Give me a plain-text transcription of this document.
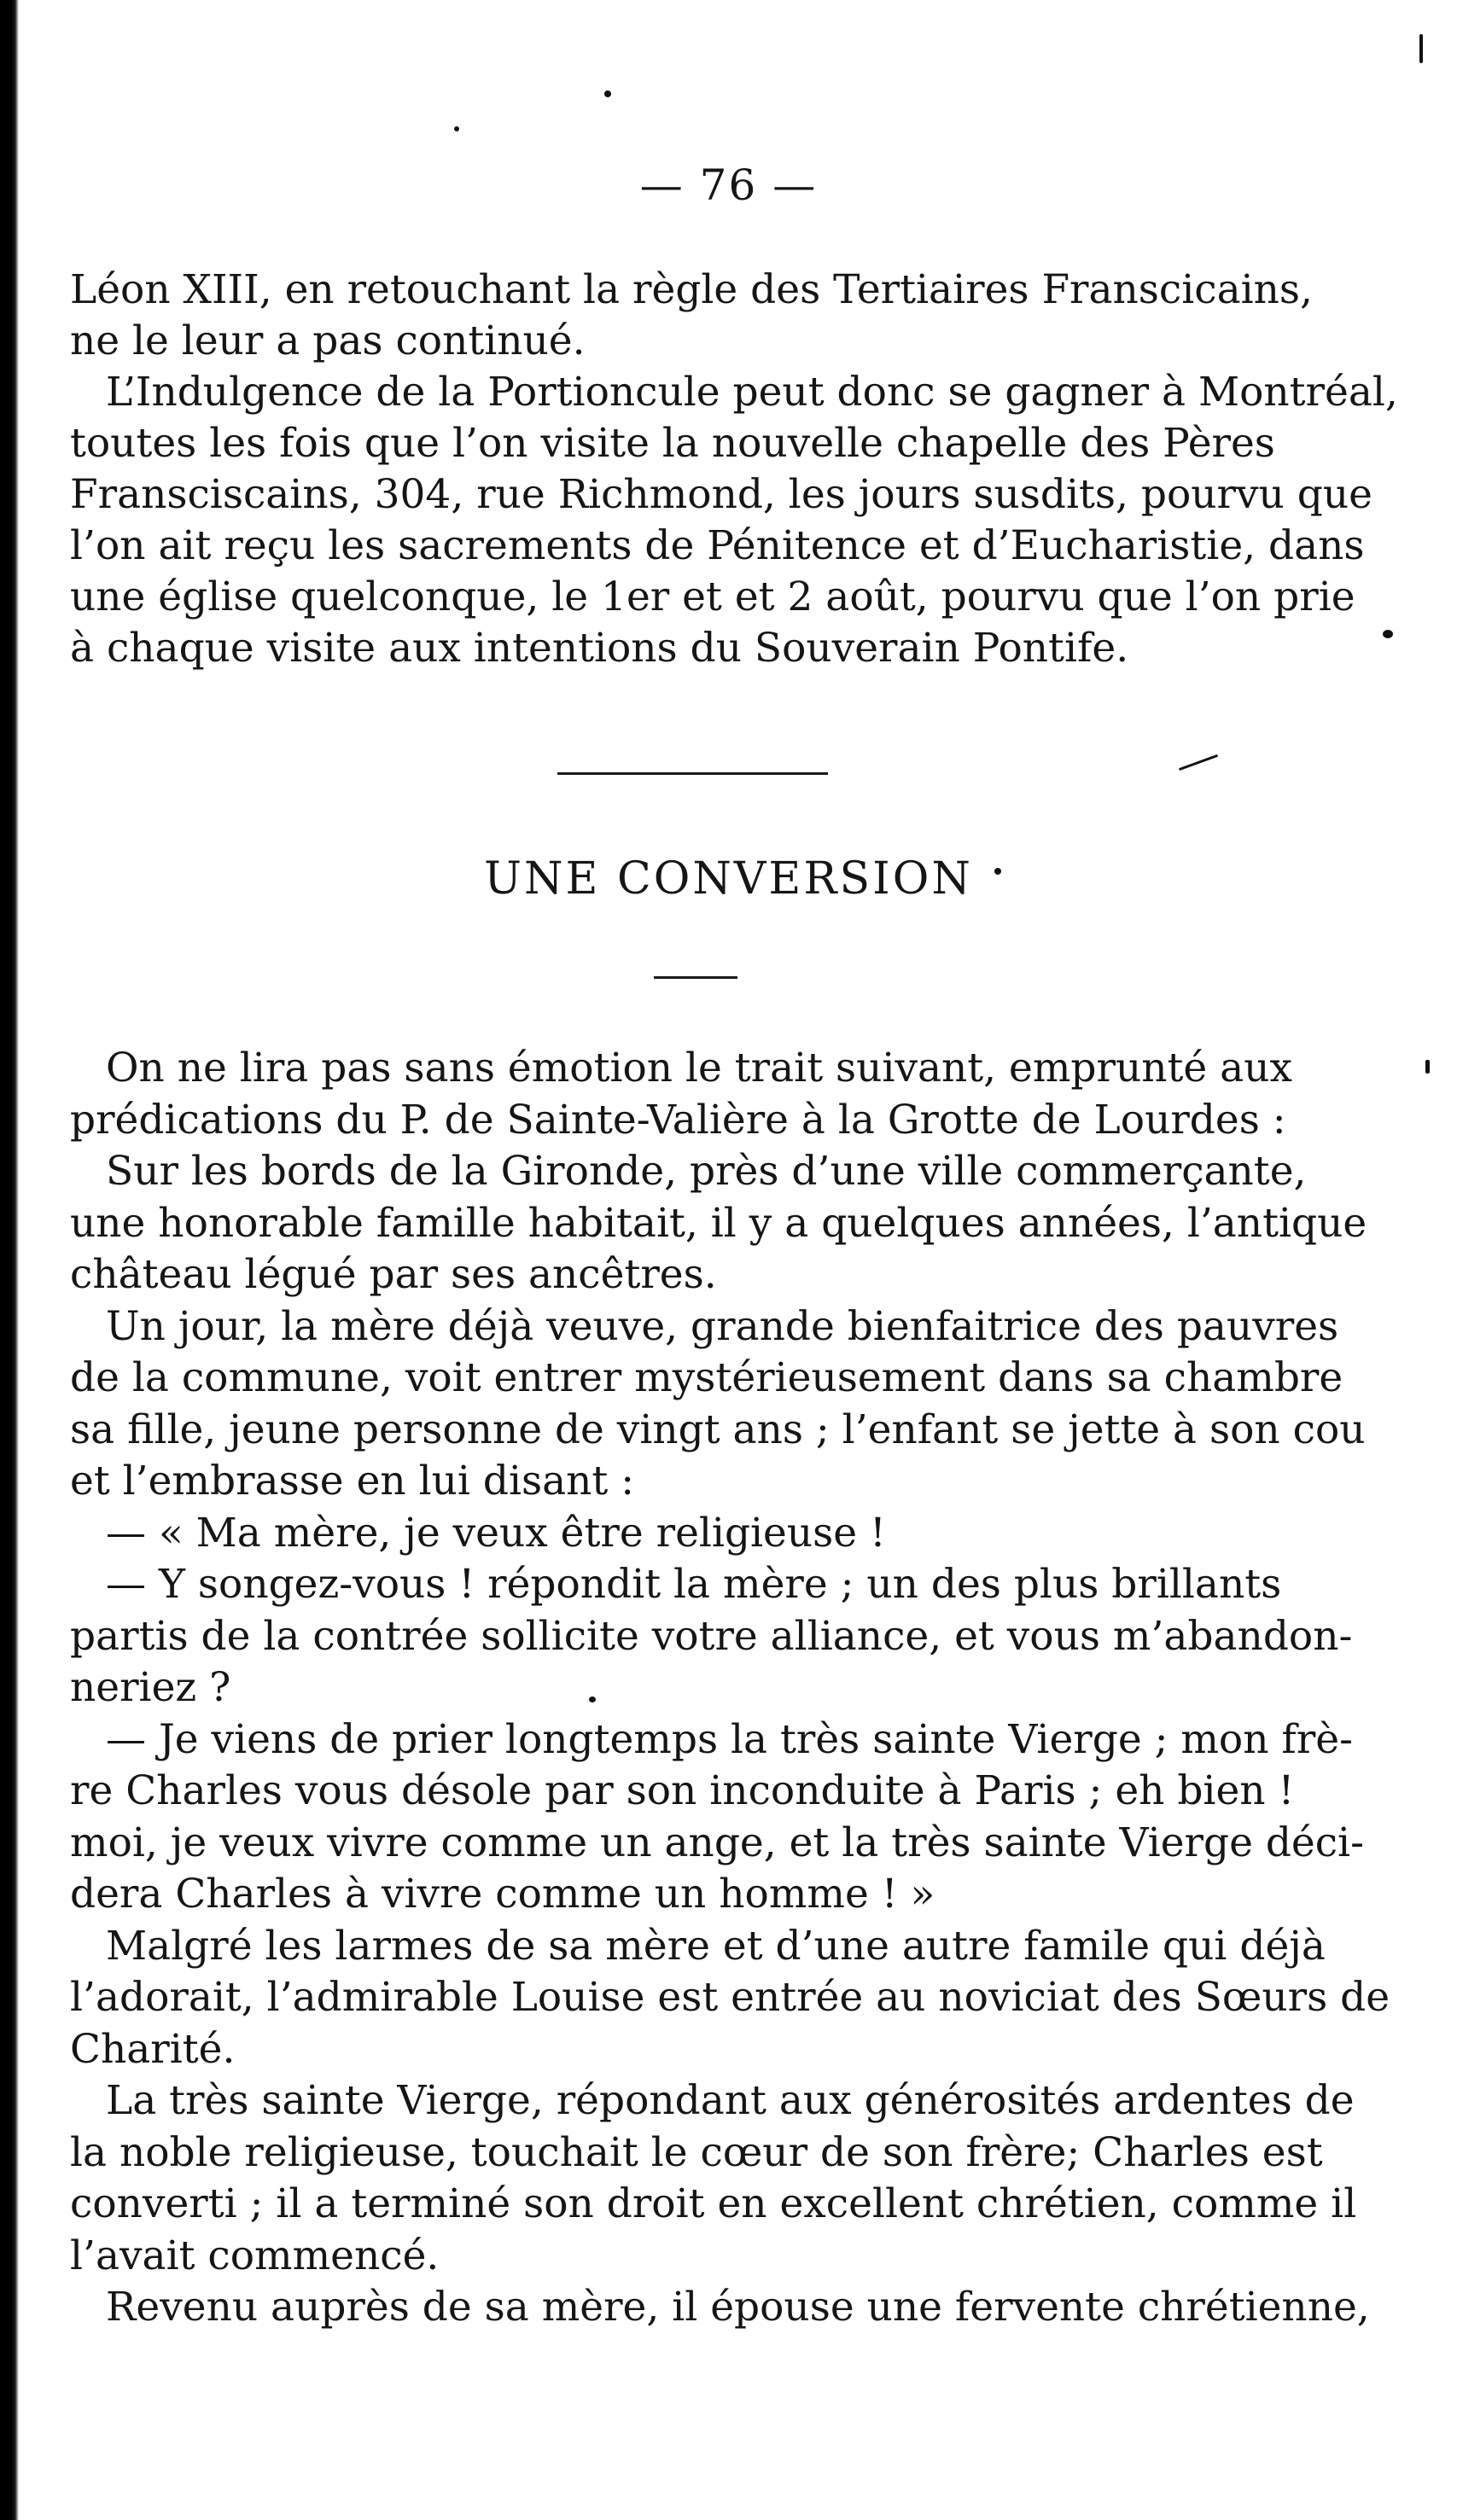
— 76 —
Léon XIII, en retouchant la règle des Tertiaires Franscicains,
ne le leur a pas continué.
L’Indulgence de la Portioncule peut donc se gagner à Montréal,
toutes les fois que l’on visite la nouvelle chapelle des Pères
Fransciscains, 304, rue Richmond, les jours susdits, pourvu que
l’on ait reçu les sacrements de Pénitence et d’Eucharistie, dans
une église quelconque, le 1er et et 2 août, pourvu que l’on prie
à chaque visite aux intentions du Souverain Pontife.
UNE CONVERSION
On ne lira pas sans émotion le trait suivant, emprunté aux
prédications du P. de Sainte-Valière à la Grotte de Lourdes :
Sur les bords de la Gironde, près d’une ville commerçante,
une honorable famille habitait, il y a quelques années, l’antique
château légué par ses ancêtres.
Un jour, la mère déjà veuve, grande bienfaitrice des pauvres
de la commune, voit entrer mystérieusement dans sa chambre
sa fille, jeune personne de vingt ans ; l’enfant se jette à son cou
et l’embrasse en lui disant :
— « Ma mère, je veux être religieuse !
— Y songez-vous ! répondit la mère ; un des plus brillants
partis de la contrée sollicite votre alliance, et vous m’abandon-
neriez ?
— Je viens de prier longtemps la très sainte Vierge ; mon frè-
re Charles vous désole par son inconduite à Paris ; eh bien !
moi, je veux vivre comme un ange, et la très sainte Vierge déci-
dera Charles à vivre comme un homme ! »
Malgré les larmes de sa mère et d’une autre famile qui déjà
l’adorait, l’admirable Louise est entrée au noviciat des Sœurs de
Charité.
La très sainte Vierge, répondant aux générosités ardentes de
la noble religieuse, touchait le cœur de son frère; Charles est
converti ; il a terminé son droit en excellent chrétien, comme il
l’avait commencé.
Revenu auprès de sa mère, il épouse une fervente chrétienne,
